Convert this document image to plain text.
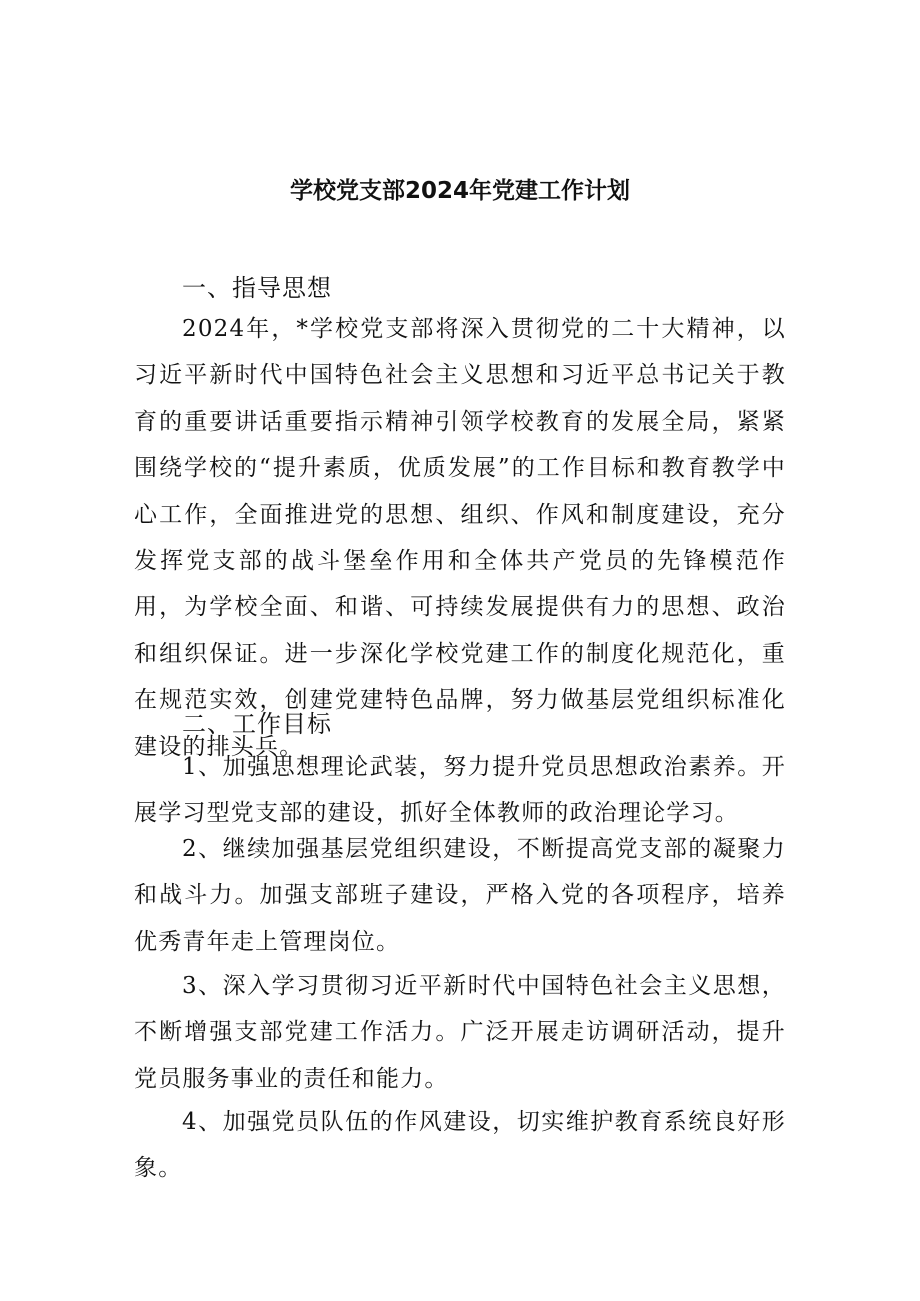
学校党支部2024年党建工作计划
一、指导思想
2024年，*学校党支部将深入贯彻党的二十大精神，以习近平新时代中国特色社会主义思想和习近平总书记关于教育的重要讲话重要指示精神引领学校教育的发展全局，紧紧围绕学校的“提升素质，优质发展”的工作目标和教育教学中心工作，全面推进党的思想、组织、作风和制度建设，充分发挥党支部的战斗堡垒作用和全体共产党员的先锋模范作用，为学校全面、和谐、可持续发展提供有力的思想、政治和组织保证。进一步深化学校党建工作的制度化规范化，重在规范实效，创建党建特色品牌，努力做基层党组织标准化建设的排头兵。
二、工作目标
1、加强思想理论武装，努力提升党员思想政治素养。开展学习型党支部的建设，抓好全体教师的政治理论学习。
2、继续加强基层党组织建设，不断提高党支部的凝聚力和战斗力。加强支部班子建设，严格入党的各项程序，培养优秀青年走上管理岗位。
3、深入学习贯彻习近平新时代中国特色社会主义思想，不断增强支部党建工作活力。广泛开展走访调研活动，提升党员服务事业的责任和能力。
4、加强党员队伍的作风建设，切实维护教育系统良好形象。
